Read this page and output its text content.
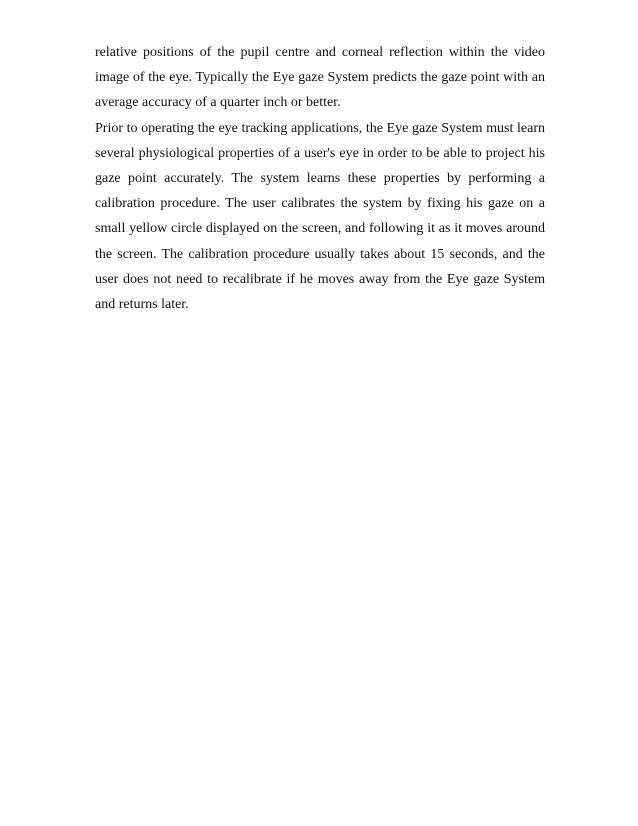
relative positions of the pupil centre and corneal reflection within the video image of the eye. Typically the Eye gaze System predicts the gaze point with an average accuracy of a quarter inch or better.

Prior to operating the eye tracking applications, the Eye gaze System must learn several physiological properties of a user's eye in order to be able to project his gaze point accurately. The system learns these properties by performing a calibration procedure. The user calibrates the system by fixing his gaze on a small yellow circle displayed on the screen, and following it as it moves around the screen. The calibration procedure usually takes about 15 seconds, and the user does not need to recalibrate if he moves away from the Eye gaze System and returns later.
